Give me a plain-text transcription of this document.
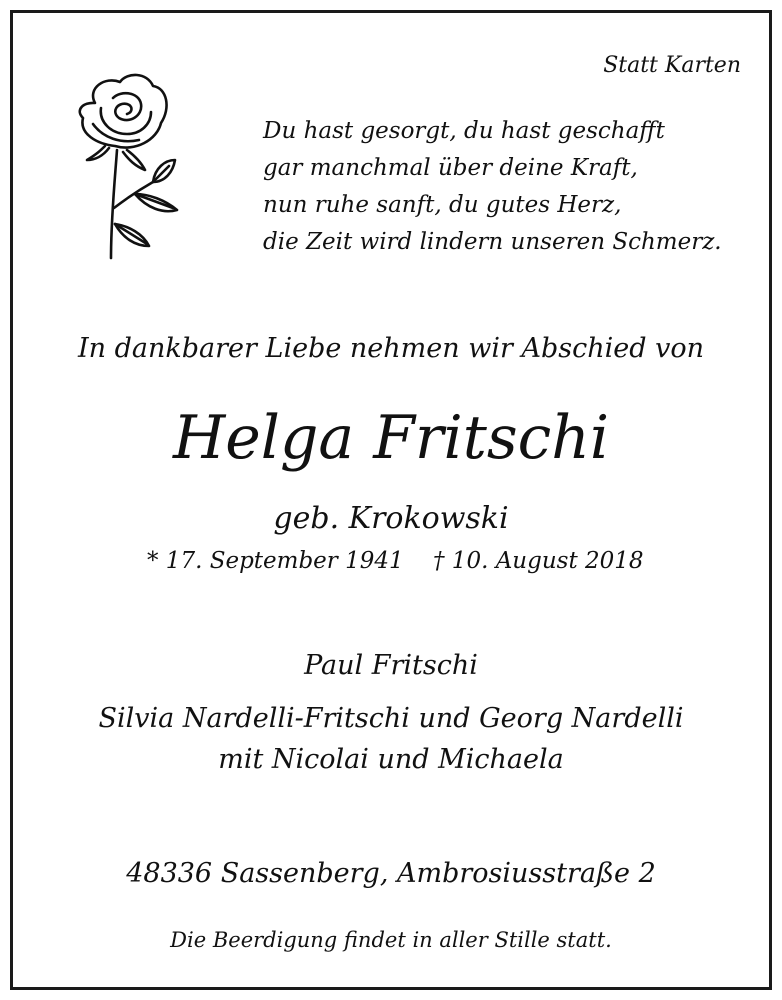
Statt Karten
Du hast gesorgt, du hast geschafft
gar manchmal über deine Kraft,
nun ruhe sanft, du gutes Herz,
die Zeit wird lindern unseren Schmerz.
In dankbarer Liebe nehmen wir Abschied von
Helga Fritschi
geb. Krokowski
* 17. September 1941 † 10. August 2018
Paul Fritschi
Silvia Nardelli-Fritschi und Georg Nardelli
mit Nicolai und Michaela
48336 Sassenberg, Ambrosiusstraße 2
Die Beerdigung findet in aller Stille statt.
